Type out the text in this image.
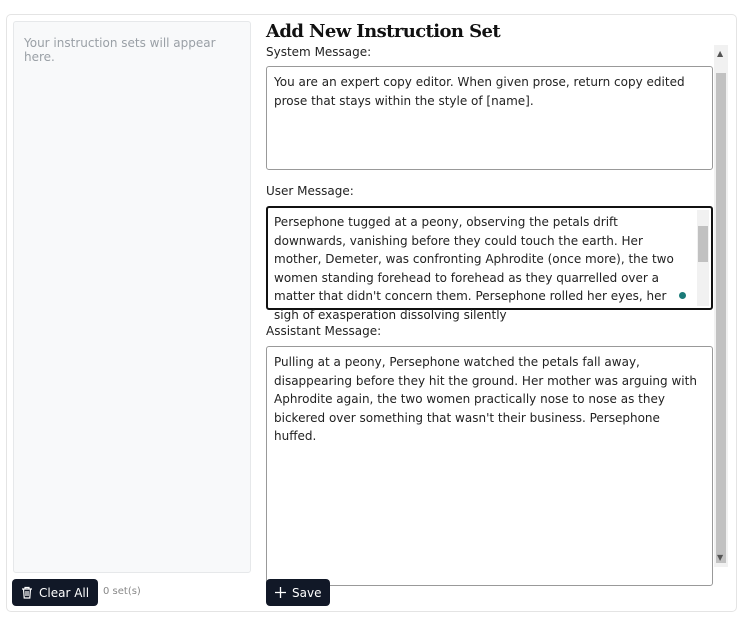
Your instruction sets will appear here.
Add New Instruction Set
System Message:
You are an expert copy editor. When given prose, return copy edited prose that stays within the style of [name].
User Message:
Persephone tugged at a peony, observing the petals drift downwards, vanishing before they could touch the earth. Her mother, Demeter, was confronting Aphrodite (once more), the two women standing forehead to forehead as they quarrelled over a matter that didn't concern them. Persephone rolled her eyes, her sigh of exasperation dissolving silently
Assistant Message:
Pulling at a peony, Persephone watched the petals fall away, disappearing before they hit the ground. Her mother was arguing with Aphrodite again, the two women practically nose to nose as they bickered over something that wasn't their business. Persephone huffed.
▲
▼
Clear All 0 set(s)	Save
